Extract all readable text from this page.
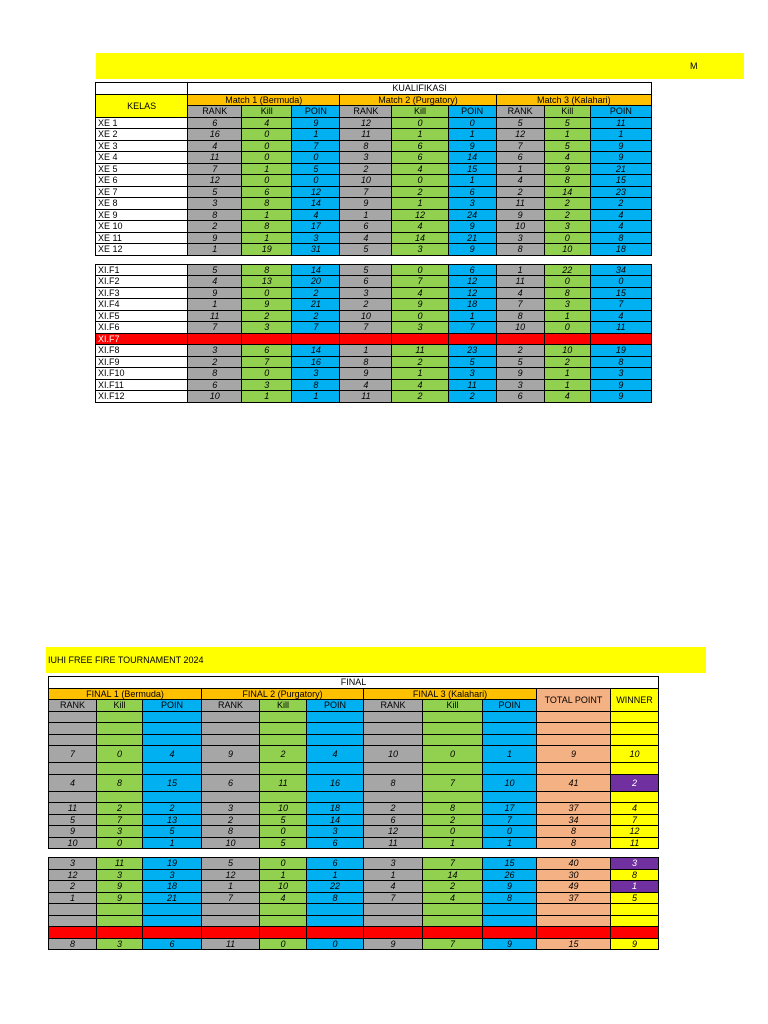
M
	KUALIFIKASI								
KELAS	Match 1 (Bermuda)			Match 2 (Purgatory)			Match 3 (Kalahari)		
	RANK	Kill	POIN	RANK	Kill	POIN	RANK	Kill	POIN
XE 1	6	4	9	12	0	0	5	5	11
XE 2	16	0	1	11	1	1	12	1	1
XE 3	4	0	7	8	6	9	7	5	9
XE 4	11	0	0	3	6	14	6	4	9
XE 5	7	1	5	2	4	15	1	9	21
XE 6	12	0	0	10	0	1	4	8	15
XE 7	5	6	12	7	2	6	2	14	23
XE 8	3	8	14	9	1	3	11	2	2
XE 9	8	1	4	1	12	24	9	2	4
XE 10	2	8	17	6	4	9	10	3	4
XE 11	9	1	3	4	14	21	3	0	8
XE 12	1	19	31	5	3	9	8	10	18

XI.F1	5	8	14	5	0	6	1	22	34
XI.F2	4	13	20	6	7	12	11	0	0
XI.F3	9	0	2	3	4	12	4	8	15
XI.F4	1	9	21	2	9	18	7	3	7
XI.F5	11	2	2	10	0	1	8	1	4
XI.F6	7	3	7	7	3	7	10	0	11
XI.F7									
XI.F8	3	6	14	1	11	23	2	10	19
XI.F9	2	7	16	8	2	5	5	2	8
XI.F10	8	0	3	9	1	3	9	1	3
XI.F11	6	3	8	4	4	11	3	1	9
XI.F12	10	1	1	11	2	2	6	4	9
IUHI FREE FIRE TOURNAMENT 2024
FINAL										
FINAL 1 (Bermuda)			FINAL 2 (Purgatory)			FINAL 3 (Kalahari)			TOTAL POINT	WINNER
RANK	Kill	POIN	RANK	Kill	POIN	RANK	Kill	POIN		

7	0	4	9	2	4	10	0	1	9	10

4	8	15	6	11	16	8	7	10	41	2

11	2	2	3	10	18	2	8	17	37	4
5	7	13	2	5	14	6	2	7	34	7
9	3	5	8	0	3	12	0	0	8	12
10	0	1	10	5	6	11	1	1	8	11

3	11	19	5	0	6	3	7	15	40	3
12	3	3	12	1	1	1	14	26	30	8
2	9	18	1	10	22	4	2	9	49	1
1	9	21	7	4	8	7	4	8	37	5

8	3	6	11	0	0	9	7	9	15	9
